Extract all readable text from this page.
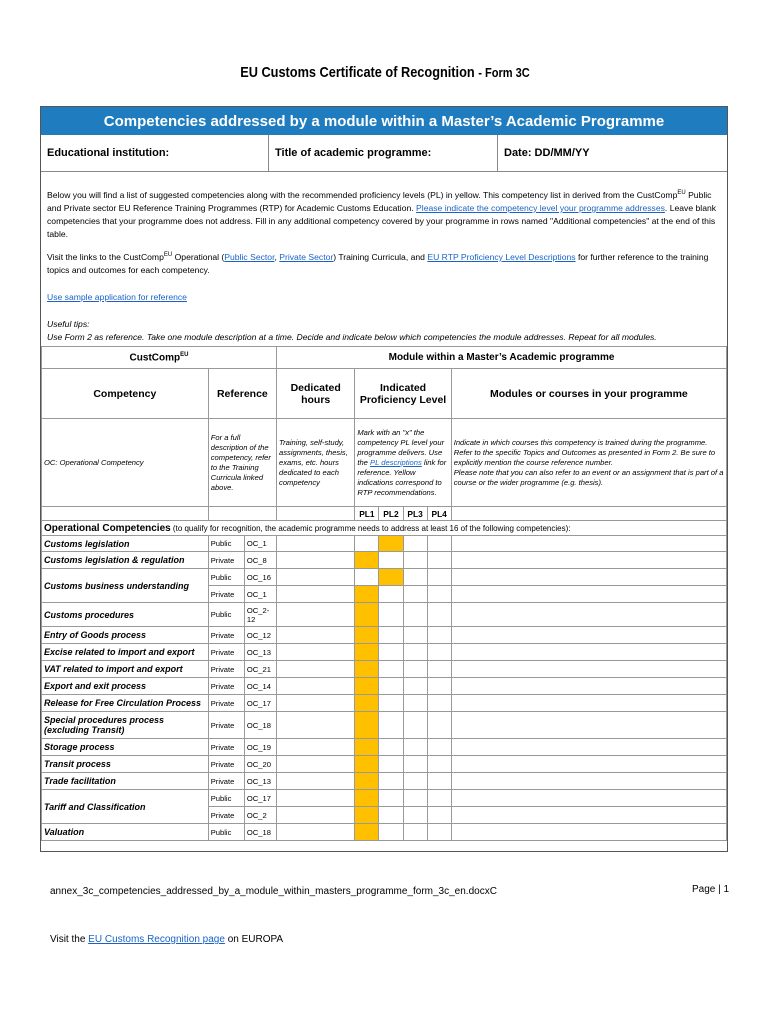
EU Customs Certificate of Recognition - Form 3C
Competencies addressed by a module within a Master’s Academic Programme
Educational institution:	Title of academic programme:	Date: DD/MM/YY

Below you will find a list of suggested competencies along with the recommended proficiency levels (PL) in yellow. This competency list in derived from the CustComp$^{EU}$ Public and Private sector EU Reference Training Programmes (RTP) for Academic Customs Education. Please indicate the competency level your programme addresses. Leave blank competencies that your programme does not address. Fill in any additional competency covered by your programme in rows named "Additional competencies" at the end of this table.

Visit the links to the CustComp$^{EU}$ Operational (Public Sector, Private Sector) Training Curricula, and EU RTP Proficiency Level Descriptions for further reference to the training topics and outcomes for each competency.

Use sample application for reference

Useful tips:
Use Form 2 as reference. Take one module description at a time. Decide and indicate below which competencies the module addresses. Repeat for all modules.

CustComp$^{EU}$			Module within a Master’s Academic programme					
Competency	Reference		Dedicated hours	Indicated Proficiency Level				Modules or courses in your programme
OC: Operational Competency	For a full description of the competency, refer to the Training Curricula linked above.		Training, self-study, assignments, thesis, exams, etc. hours dedicated to each competency	Mark with an "x" the competency PL level your programme delivers. Use the PL descriptions link for reference. Yellow indications correspond to RTP recommendations.				Indicate in which courses this competency is trained during the programme. Refer to the specific Topics and Outcomes as presented in Form 2. Be sure to explicitly mention the course reference number.
Please note that you can also refer to an event or an assignment that is part of a course or the wider programme (e.g. thesis).
				PL1	PL2	PL3	PL4	
Operational Competencies (to qualify for recognition, the academic programme needs to address at least 16 of the following competencies):								
Customs legislation	Public	OC_1						
Customs legislation & regulation	Private	OC_8						
Customs business understanding	Public	OC_16						
	Private	OC_1						
Customs procedures	Public	OC_2-12						
Entry of Goods process	Private	OC_12						
Excise related to import and export	Private	OC_13						
VAT related to import and export	Private	OC_21						
Export and exit process	Private	OC_14						
Release for Free Circulation Process	Private	OC_17						
Special procedures process (excluding Transit)	Private	OC_18						
Storage process	Private	OC_19						
Transit process	Private	OC_20						
Trade facilitation	Private	OC_13						
Tariff and Classification	Public	OC_17						
	Private	OC_2						
Valuation	Public	OC_18						
annex_3c_competencies_addressed_by_a_module_within_masters_programme_form_3c_en.docxC	Page | 1
Visit the EU Customs Recognition page on EUROPA
